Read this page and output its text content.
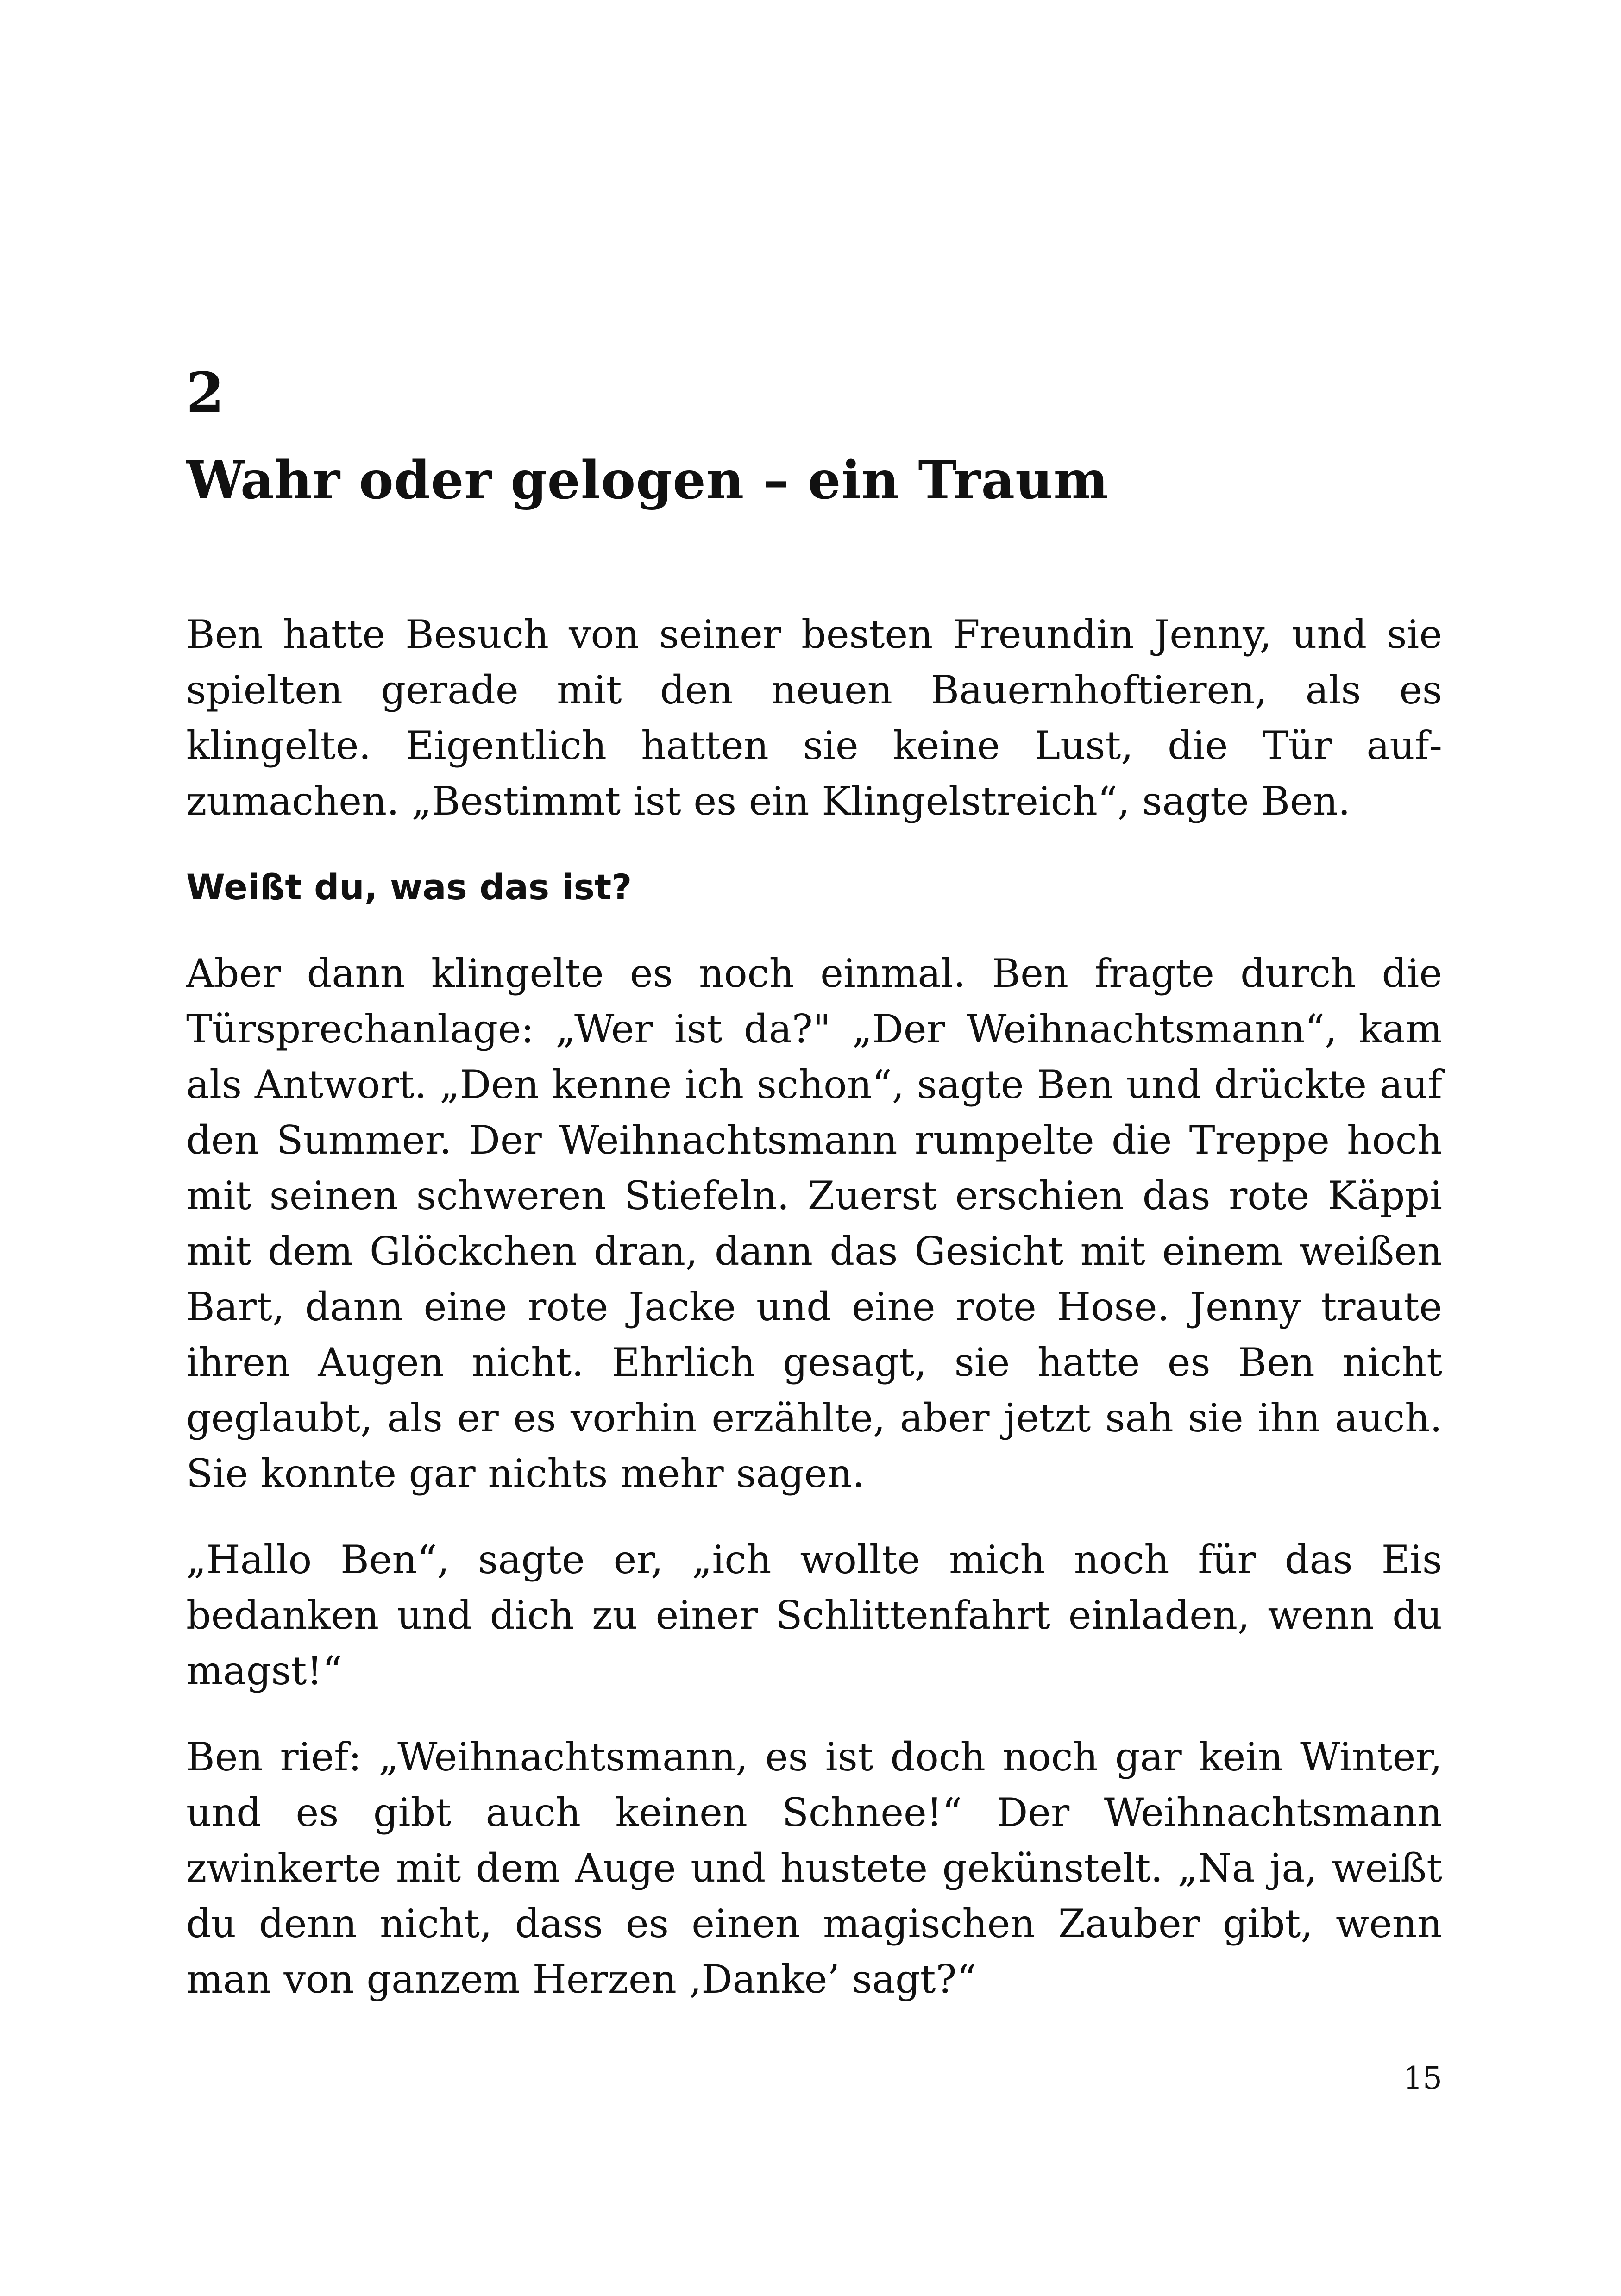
2
Wahr oder gelogen – ein Traum

Ben hatte Besuch von seiner besten Freundin Jenny, und sie spielten gerade mit den neuen Bauernhoftieren, als es klingelte. Eigentlich hatten sie keine Lust, die Tür aufzumachen. „Bestimmt ist es ein Klingelstreich“, sagte Ben.

Weißt du, was das ist?

Aber dann klingelte es noch einmal. Ben fragte durch die Türsprechanlage: „Wer ist da?" „Der Weihnachtsmann“, kam als Antwort. „Den kenne ich schon“, sagte Ben und drückte auf den Summer. Der Weihnachtsmann rumpelte die Treppe hoch mit seinen schweren Stiefeln. Zuerst erschien das rote Käppi mit dem Glöckchen dran, dann das Gesicht mit einem weißen Bart, dann eine rote Jacke und eine rote Hose. Jenny traute ihren Augen nicht. Ehrlich gesagt, sie hatte es Ben nicht geglaubt, als er es vorhin erzählte, aber jetzt sah sie ihn auch. Sie konnte gar nichts mehr sagen.

„Hallo Ben“, sagte er, „ich wollte mich noch für das Eis bedanken und dich zu einer Schlittenfahrt einladen, wenn du magst!“

Ben rief: „Weihnachtsmann, es ist doch noch gar kein Winter, und es gibt auch keinen Schnee!“ Der Weihnachtsmann zwinkerte mit dem Auge und hustete gekünstelt. „Na ja, weißt du denn nicht, dass es einen magischen Zauber gibt, wenn man von ganzem Herzen ‚Danke’ sagt?“

15
